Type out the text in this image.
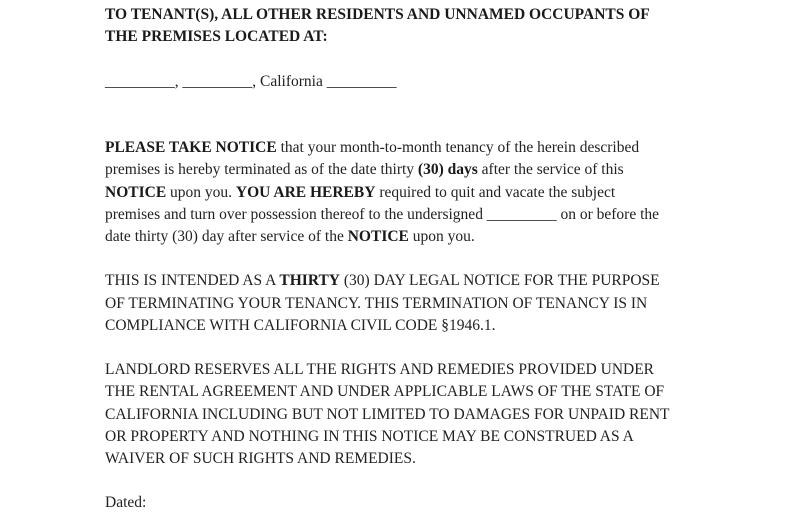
TO TENANT(S), ALL OTHER RESIDENTS AND UNNAMED OCCUPANTS OF THE PREMISES LOCATED AT:

_________, _________, California _________

PLEASE TAKE NOTICE that your month-to-month tenancy of the herein described premises is hereby terminated as of the date thirty (30) days after the service of this NOTICE upon you. YOU ARE HEREBY required to quit and vacate the subject premises and turn over possession thereof to the undersigned _________ on or before the date thirty (30) day after service of the NOTICE upon you.

THIS IS INTENDED AS A THIRTY (30) DAY LEGAL NOTICE FOR THE PURPOSE OF TERMINATING YOUR TENANCY. THIS TERMINATION OF TENANCY IS IN COMPLIANCE WITH CALIFORNIA CIVIL CODE §1946.1.

LANDLORD RESERVES ALL THE RIGHTS AND REMEDIES PROVIDED UNDER THE RENTAL AGREEMENT AND UNDER APPLICABLE LAWS OF THE STATE OF CALIFORNIA INCLUDING BUT NOT LIMITED TO DAMAGES FOR UNPAID RENT OR PROPERTY AND NOTHING IN THIS NOTICE MAY BE CONSTRUED AS A WAIVER OF SUCH RIGHTS AND REMEDIES.

Dated:
